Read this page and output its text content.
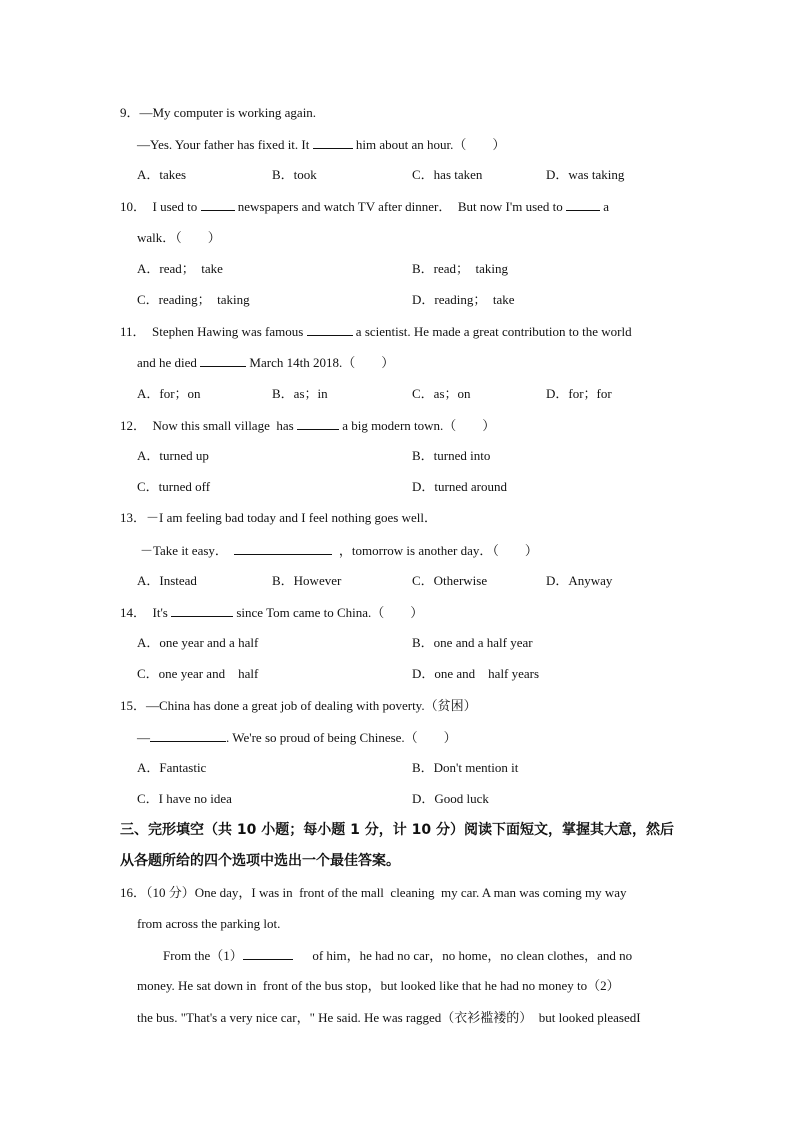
9．—My computer is working again.
—Yes. Your father has fixed it. It	him about an hour.（　　）
A．takes	B．took	C．has taken	D．was taking
10．　I used to	newspapers and watch TV after dinner．  But now I'm used to	a
walk．（　　）
A．read；  take	B．read；  taking
C．reading；  taking	D．reading；  take
11．  Stephen Hawing was famous	a scientist. He made a great contribution to the world
and he died	March 14th 2018.（　　）
A．for；on	B．as；in	C．as；on	D．for；for
12．  Now this small village  has	a big modern town.（　　）
A．turned up	B．turned into
C．turned off	D．turned around
13．－I am feeling bad today and I feel nothing goes well．
－Take it easy．	，tomorrow is another day．（　　）
A．Instead	B．However	C．Otherwise	D．Anyway
14．  It's	since Tom came to China.（　　）
A．one year and a half	B．one and a half year
C．one year and    half	D．one and    half years
15．—China has done a great job of dealing with poverty.（贫困）
—	. We're so proud of being Chinese.（　　）
A．Fantastic	B．Don't mention it
C．I have no idea	D．Good luck
三、完形填空（共 10 小题；每小题 1 分，计 10 分）阅读下面短文，掌握其大意，然后
从各题所给的四个选项中选出一个最佳答案。
16．（10 分）One day，I was in  front of the mall  cleaning  my car. A man was coming my way
from across the parking lot.
　　From the（1）	　  of him，he had no car，no home，no clean clothes，and no
money. He sat down in  front of the bus stop，but looked like that he had no money to（2）
the bus. "That's a very nice car，" He said. He was ragged（衣衫褴褛的）  but looked pleasedI
